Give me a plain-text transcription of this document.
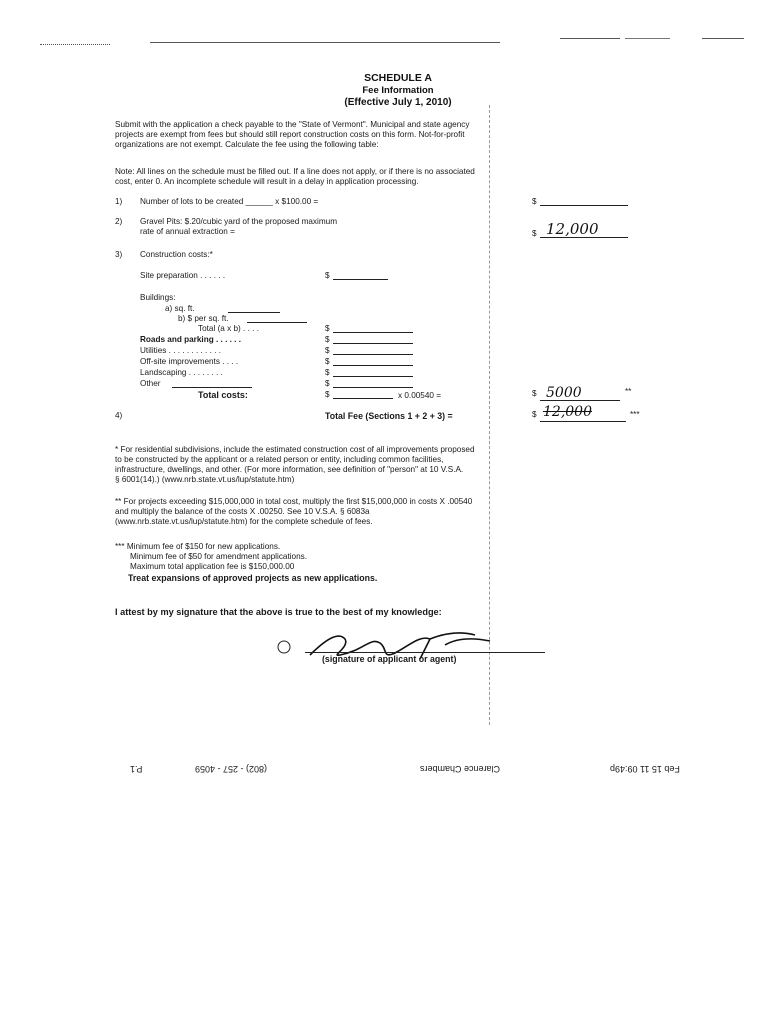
SCHEDULE A
Fee Information
(Effective July 1, 2010)
Submit with the application a check payable to the "State of Vermont". Municipal and state agency
projects are exempt from fees but should still report construction costs on this form. Not-for-profit
organizations are not exempt. Calculate the fee using the following table:
Note: All lines on the schedule must be filled out. If a line does not apply, or if there is no associated
cost, enter 0. An incomplete schedule will result in a delay in application processing.
1) Number of lots to be created ______ x $100.00 =	$
2) Gravel Pits: $.20/cubic yard of the proposed maximum
rate of annual extraction =	$ 12,000
3) Construction costs:*
Site preparation . . . . . .	$
Buildings:
a) sq. ft.
b) $ per sq. ft.
Total (a x b) . . . .	$
Roads and parking . . . . . .	$
Utilities . . . . . . . . . . . .	$
Off-site improvements . . . .	$
Landscaping . . . . . . . .	$
Other	$
Total costs:	$	x 0.00540 =	$ 5000	**
4)	Total Fee (Sections 1 + 2 + 3) =	$ 12,000	***
* For residential subdivisions, include the estimated construction cost of all improvements proposed
to be constructed by the applicant or a related person or entity, including common facilities,
infrastructure, dwellings, and other. (For more information, see definition of "person" at 10 V.S.A.
§ 6001(14).) (www.nrb.state.vt.us/lup/statute.htm)
** For projects exceeding $15,000,000 in total cost, multiply the first $15,000,000 in costs X .00540
and multiply the balance of the costs X .00250. See 10 V.S.A. § 6083a
(www.nrb.state.vt.us/lup/statute.htm) for the complete schedule of fees.
*** Minimum fee of $150 for new applications.
Minimum fee of $50 for amendment applications.
Maximum total application fee is $150,000.00
Treat expansions of approved projects as new applications.
I attest by my signature that the above is true to the best of my knowledge:
(signature of applicant or agent)
P.1	(802) - 257 - 4059	Clarence Chambers	Feb 15 11 09:49p
